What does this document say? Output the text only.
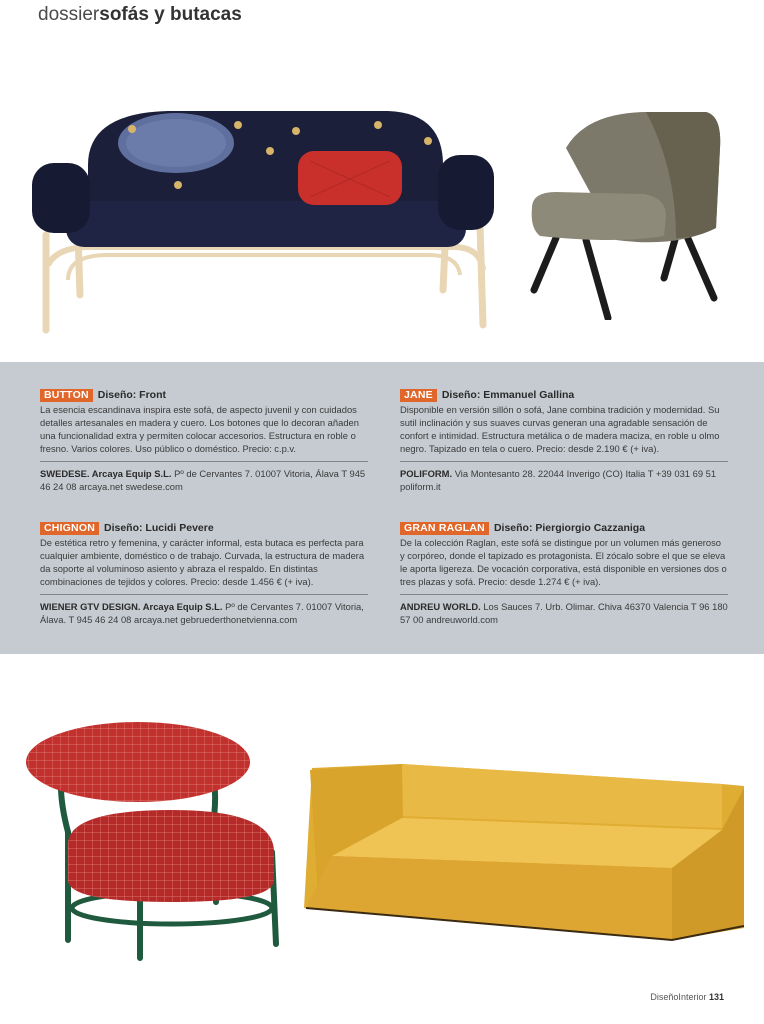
dossiersofás y butacas
BUTTON Diseño: Front
La esencia escandinava inspira este sofá, de aspecto juvenil y con cuidados detalles artesanales en madera y cuero. Los botones que lo decoran añaden una funcionalidad extra y permiten colocar accesorios. Estructura en roble o fresno. Varios colores. Uso público o doméstico. Precio: c.p.v.
SWEDESE. Arcaya Equip S.L. Pº de Cervantes 7. 01007 Vitoria, Álava T 945 46 24 08 arcaya.net swedese.com
JANE Diseño: Emmanuel Gallina
Disponible en versión sillón o sofá, Jane combina tradición y modernidad. Su sutil inclinación y sus suaves curvas generan una agradable sensación de confort e intimidad. Estructura metálica o de madera maciza, en roble u olmo negro. Tapizado en tela o cuero. Precio: desde 2.190 € (+ iva).
POLIFORM. Via Montesanto 28. 22044 Inverigo (CO) Italia T +39 031 69 51 poliform.it
CHIGNON Diseño: Lucidi Pevere
De estética retro y femenina, y carácter informal, esta butaca es perfecta para cualquier ambiente, doméstico o de trabajo. Curvada, la estructura de madera da soporte al voluminoso asiento y abraza el respaldo. En distintas combinaciones de tejidos y colores. Precio: desde 1.456 € (+ iva).
WIENER GTV DESIGN. Arcaya Equip S.L. Pº de Cervantes 7. 01007 Vitoria, Álava. T 945 46 24 08 arcaya.net gebruederthonetvienna.com
GRAN RAGLAN Diseño: Piergiorgio Cazzaniga
De la colección Raglan, este sofá se distingue por un volumen más generoso y corpóreo, donde el tapizado es protagonista. El zócalo sobre el que se eleva le aporta ligereza. De vocación corporativa, está disponible en versiones dos o tres plazas y sofá. Precio: desde 1.274 € (+ iva).
ANDREU WORLD. Los Sauces 7. Urb. Olimar. Chiva 46370 Valencia T 96 180 57 00 andreuworld.com
DiseñoInterior 131
